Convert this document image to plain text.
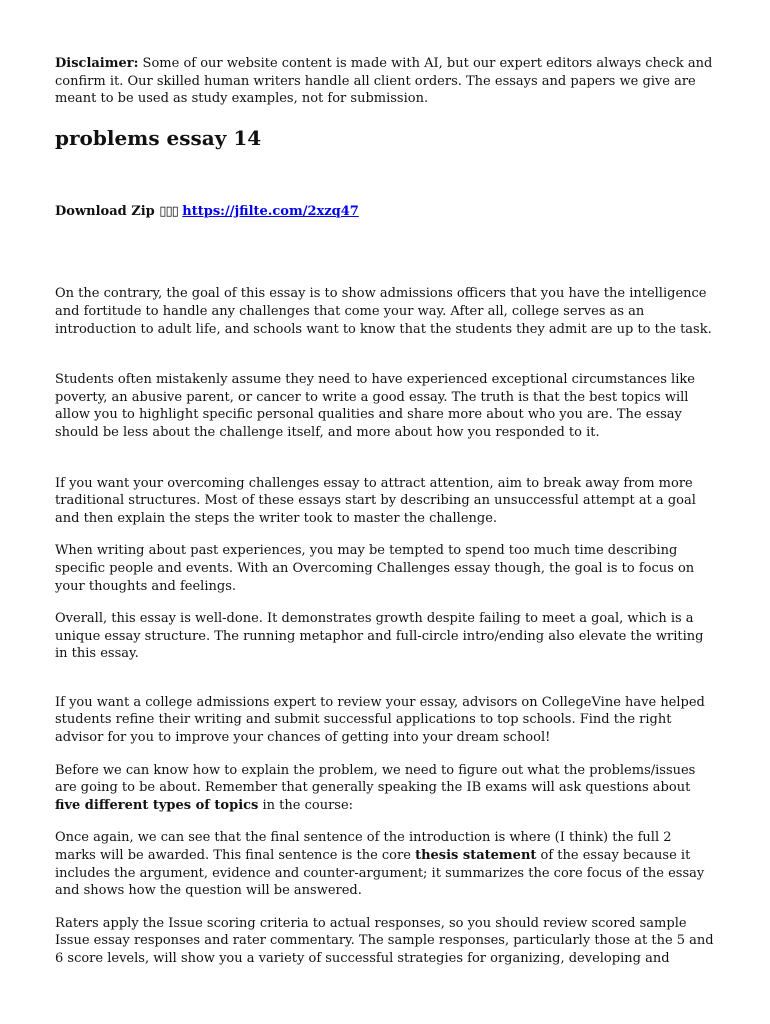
Disclaimer: Some of our website content is made with AI, but our expert editors always check and confirm it. Our skilled human writers handle all client orders. The essays and papers we give are meant to be used as study examples, not for submission.

problems essay 14

Download Zip ▯▯▯ https://jfilte.com/2xzq47

On the contrary, the goal of this essay is to show admissions officers that you have the intelligence and fortitude to handle any challenges that come your way. After all, college serves as an introduction to adult life, and schools want to know that the students they admit are up to the task.

Students often mistakenly assume they need to have experienced exceptional circumstances like poverty, an abusive parent, or cancer to write a good essay. The truth is that the best topics will allow you to highlight specific personal qualities and share more about who you are. The essay should be less about the challenge itself, and more about how you responded to it.

If you want your overcoming challenges essay to attract attention, aim to break away from more traditional structures. Most of these essays start by describing an unsuccessful attempt at a goal and then explain the steps the writer took to master the challenge.

When writing about past experiences, you may be tempted to spend too much time describing specific people and events. With an Overcoming Challenges essay though, the goal is to focus on your thoughts and feelings.

Overall, this essay is well-done. It demonstrates growth despite failing to meet a goal, which is a unique essay structure. The running metaphor and full-circle intro/ending also elevate the writing in this essay.

If you want a college admissions expert to review your essay, advisors on CollegeVine have helped students refine their writing and submit successful applications to top schools. Find the right advisor for you to improve your chances of getting into your dream school!

Before we can know how to explain the problem, we need to figure out what the problems/issues are going to be about. Remember that generally speaking the IB exams will ask questions about five different types of topics in the course:

Once again, we can see that the final sentence of the introduction is where (I think) the full 2 marks will be awarded. This final sentence is the core thesis statement of the essay because it includes the argument, evidence and counter-argument; it summarizes the core focus of the essay and shows how the question will be answered.

Raters apply the Issue scoring criteria to actual responses, so you should review scored sample Issue essay responses and rater commentary. The sample responses, particularly those at the 5 and 6 score levels, will show you a variety of successful strategies for organizing, developing and
